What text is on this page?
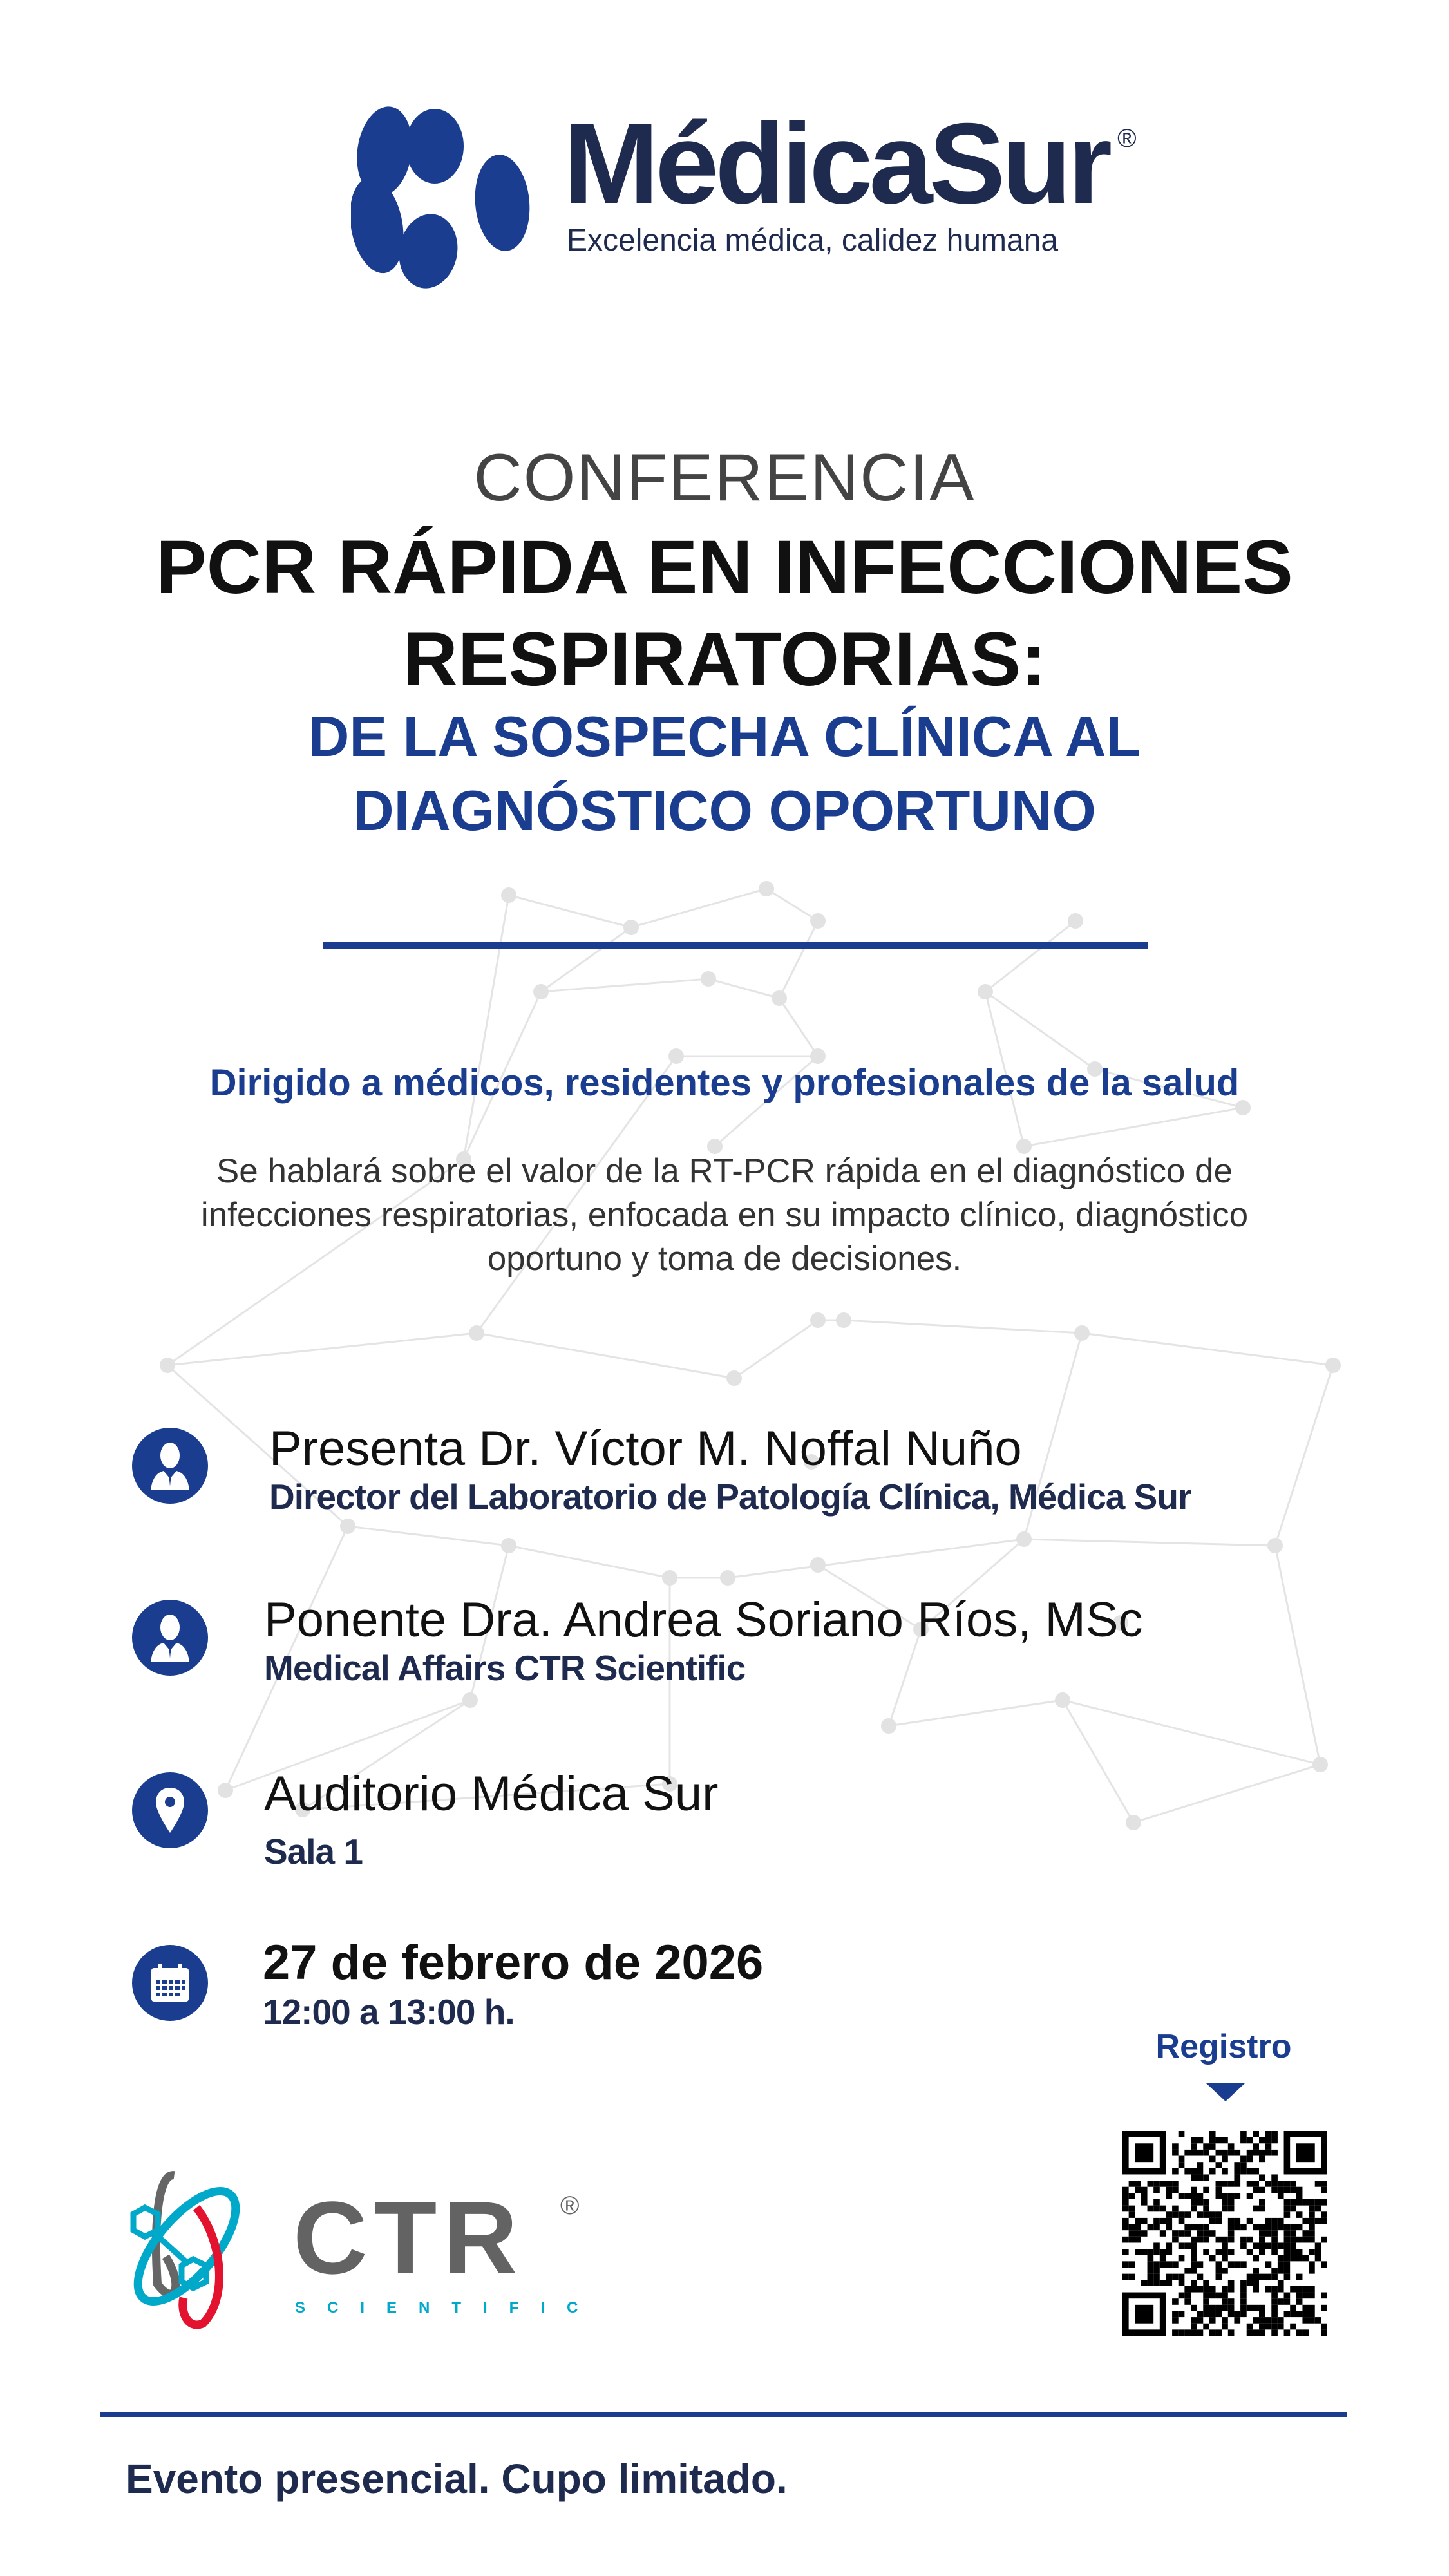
MédicaSur ®
Excelencia médica, calidez humana
CONFERENCIA
PCR RÁPIDA EN INFECCIONES
RESPIRATORIAS:
DE LA SOSPECHA CLÍNICA AL
DIAGNÓSTICO OPORTUNO
Dirigido a médicos, residentes y profesionales de la salud
Se hablará sobre el valor de la RT-PCR rápida en el diagnóstico de
infecciones respiratorias, enfocada en su impacto clínico, diagnóstico
oportuno y toma de decisiones.
Presenta Dr. Víctor M. Noffal Nuño
Director del Laboratorio de Patología Clínica, Médica Sur
Ponente Dra. Andrea Soriano Ríos, MSc
Medical Affairs CTR Scientific
Auditorio Médica Sur
Sala 1
27 de febrero de 2026
12:00 a 13:00 h.
Registro
CTR ®
SCIENTIFIC
Evento presencial. Cupo limitado.
